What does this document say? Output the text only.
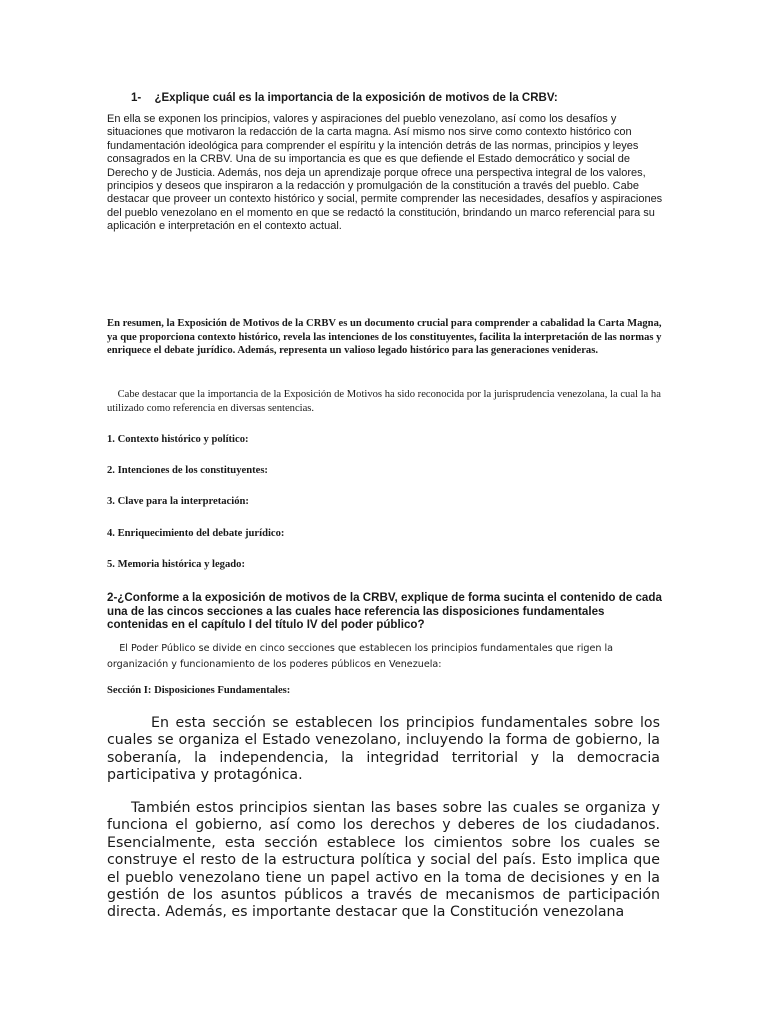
1- ¿Explique cuál es la importancia de la exposición de motivos de la CRBV:

En ella se exponen los principios, valores y aspiraciones del pueblo venezolano, así como los desafíos y situaciones que motivaron la redacción de la carta magna. Así mismo nos sirve como contexto histórico con fundamentación ideológica para comprender el espíritu y la intención detrás de las normas, principios y leyes consagrados en la CRBV. Una de su importancia es que es que defiende el Estado democrático y social de Derecho y de Justicia. Además, nos deja un aprendizaje porque ofrece una perspectiva integral de los valores, principios y deseos que inspiraron a la redacción y promulgación de la constitución a través del pueblo. Cabe destacar que proveer un contexto histórico y social, permite comprender las necesidades, desafíos y aspiraciones del pueblo venezolano en el momento en que se redactó la constitución, brindando un marco referencial para su aplicación e interpretación en el contexto actual.

En resumen, la Exposición de Motivos de la CRBV es un documento crucial para comprender a cabalidad la Carta Magna, ya que proporciona contexto histórico, revela las intenciones de los constituyentes, facilita la interpretación de las normas y enriquece el debate jurídico. Además, representa un valioso legado histórico para las generaciones venideras.

Cabe destacar que la importancia de la Exposición de Motivos ha sido reconocida por la jurisprudencia venezolana, la cual la ha utilizado como referencia en diversas sentencias.

1. Contexto histórico y político:

2. Intenciones de los constituyentes:

3. Clave para la interpretación:

4. Enriquecimiento del debate jurídico:

5. Memoria histórica y legado:

2-¿Conforme a la exposición de motivos de la CRBV, explique de forma sucinta el contenido de cada una de las cincos secciones a las cuales hace referencia las disposiciones fundamentales contenidas en el capítulo I del título IV del poder público?

El Poder Público se divide en cinco secciones que establecen los principios fundamentales que rigen la organización y funcionamiento de los poderes públicos en Venezuela:

Sección I: Disposiciones Fundamentales:

En esta sección se establecen los principios fundamentales sobre los cuales se organiza el Estado venezolano, incluyendo la forma de gobierno, la soberanía, la independencia, la integridad territorial y la democracia participativa y protagónica.

También estos principios sientan las bases sobre las cuales se organiza y funciona el gobierno, así como los derechos y deberes de los ciudadanos. Esencialmente, esta sección establece los cimientos sobre los cuales se construye el resto de la estructura política y social del país. Esto implica que el pueblo venezolano tiene un papel activo en la toma de decisiones y en la gestión de los asuntos públicos a través de mecanismos de participación directa. Además, es importante destacar que la Constitución venezolana
